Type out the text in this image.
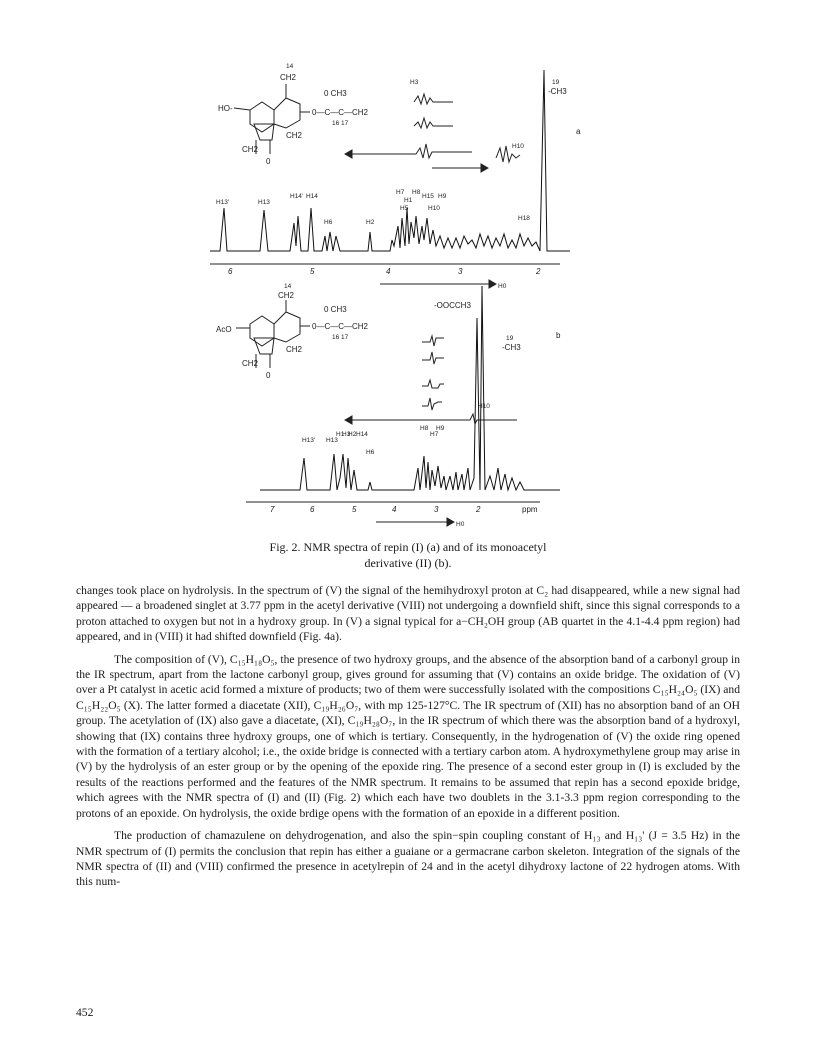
HO-
14
CH2
0 CH3
0—C—C—CH2
16 17
CH2
CH2
0
19
-CH3
a
H3
H10
H13'	H13
H14' H14
H6	H2
H7
H1
H8
H15
H5
H9
H10
H18
6	5	4	3	2
H0
AcO
14
CH2
0 CH3
0—C—C—CH2
16 17
CH2
CH2
0
-OOCCH3
19
-CH3
b
H13' H13
H1
H3
H2 H14
H6
H8
H7
H9
H10
7	6	5	4	3	2	ppm
H0
Fig. 2. NMR spectra of repin (I) (a) and of its monoacetyl
derivative (II) (b).

changes took place on hydrolysis. In the spectrum of (V) the signal of the hemihydroxyl proton at C₂ had disappeared, while a new signal had appeared — a broadened singlet at 3.77 ppm in the acetyl derivative (VIII) not undergoing a downfield shift, since this signal corresponds to a proton attached to oxygen but not in a hydroxy group. In (V) a signal typical for a−CH₂OH group (AB quartet in the 4.1-4.4 ppm region) had appeared, and in (VIII) it had shifted downfield (Fig. 4a).

The composition of (V), C₁₅H₁₈O₅, the presence of two hydroxy groups, and the absence of the absorption band of a carbonyl group in the IR spectrum, apart from the lactone carbonyl group, gives ground for assuming that (V) contains an oxide bridge. The oxidation of (V) over a Pt catalyst in acetic acid formed a mixture of products; two of them were successfully isolated with the compositions C₁₅H₂₄O₅ (IX) and C₁₅H₂₂O₅ (X). The latter formed a diacetate (XII), C₁₉H₂₆O₇, with mp 125-127°C. The IR spectrum of (XII) has no absorption band of an OH group. The acetylation of (IX) also gave a diacetate, (XI), C₁₉H₂₈O₇, in the IR spectrum of which there was the absorption band of a hydroxyl, showing that (IX) contains three hydroxy groups, one of which is tertiary. Consequently, in the hydrogenation of (V) the oxide ring opened with the formation of a tertiary alcohol; i.e., the oxide bridge is connected with a tertiary carbon atom. A hydroxymethylene group may arise in (V) by the hydrolysis of an ester group or by the opening of the epoxide ring. The presence of a second ester group in (I) is excluded by the results of the reactions performed and the features of the NMR spectrum. It remains to be assumed that repin has a second epoxide bridge, which agrees with the NMR spectra of (I) and (II) (Fig. 2) which each have two doublets in the 3.1-3.3 ppm region corresponding to the protons of an epoxide. On hydrolysis, the oxide brdige opens with the formation of an epoxide in a different position.

The production of chamazulene on dehydrogenation, and also the spin−spin coupling constant of H₁₃ and H₁₃' (J = 3.5 Hz) in the NMR spectrum of (I) permits the conclusion that repin has either a guaiane or a germacrane carbon skeleton. Integration of the signals of the NMR spectra of (II) and (VIII) confirmed the presence in acetylrepin of 24 and in the acetyl dihydroxy lactone of 22 hydrogen atoms. With this num-

452
